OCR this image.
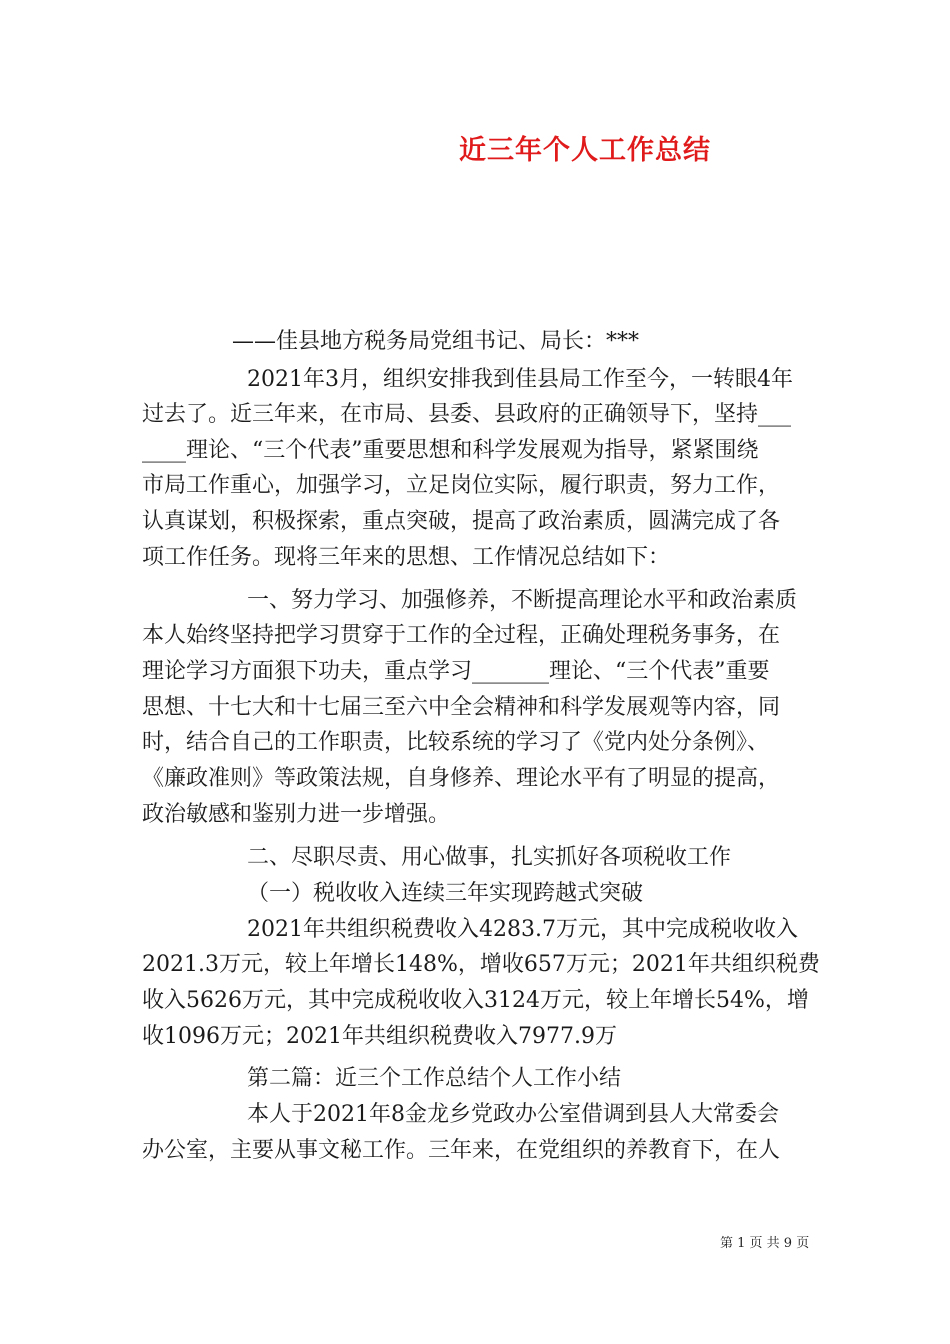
近三年个人工作总结
——佳县地方税务局党组书记、局长：***
2021年3月，组织安排我到佳县局工作至今，一转眼4年
过去了。近三年来，在市局、县委、县政府的正确领导下，坚持___
____理论、“三个代表”重要思想和科学发展观为指导，紧紧围绕
市局工作重心，加强学习，立足岗位实际，履行职责，努力工作，
认真谋划，积极探索，重点突破，提高了政治素质，圆满完成了各
项工作任务。现将三年来的思想、工作情况总结如下：
一、努力学习、加强修养，不断提高理论水平和政治素质
本人始终坚持把学习贯穿于工作的全过程，正确处理税务事务，在
理论学习方面狠下功夫，重点学习_______理论、“三个代表”重要
思想、十七大和十七届三至六中全会精神和科学发展观等内容，同
时，结合自己的工作职责，比较系统的学习了《党内处分条例》、
《廉政准则》等政策法规，自身修养、理论水平有了明显的提高，
政治敏感和鉴别力进一步增强。
二、尽职尽责、用心做事，扎实抓好各项税收工作
（一）税收收入连续三年实现跨越式突破
2021年共组织税费收入4283.7万元，其中完成税收收入
2021.3万元，较上年增长148%，增收657万元；2021年共组织税费
收入5626万元，其中完成税收收入3124万元，较上年增长54%，增
收1096万元；2021年共组织税费收入7977.9万
第二篇：近三个工作总结个人工作小结
本人于2021年8金龙乡党政办公室借调到县人大常委会
办公室，主要从事文秘工作。三年来，在党组织的养教育下，在人
第 1 页 共 9 页
